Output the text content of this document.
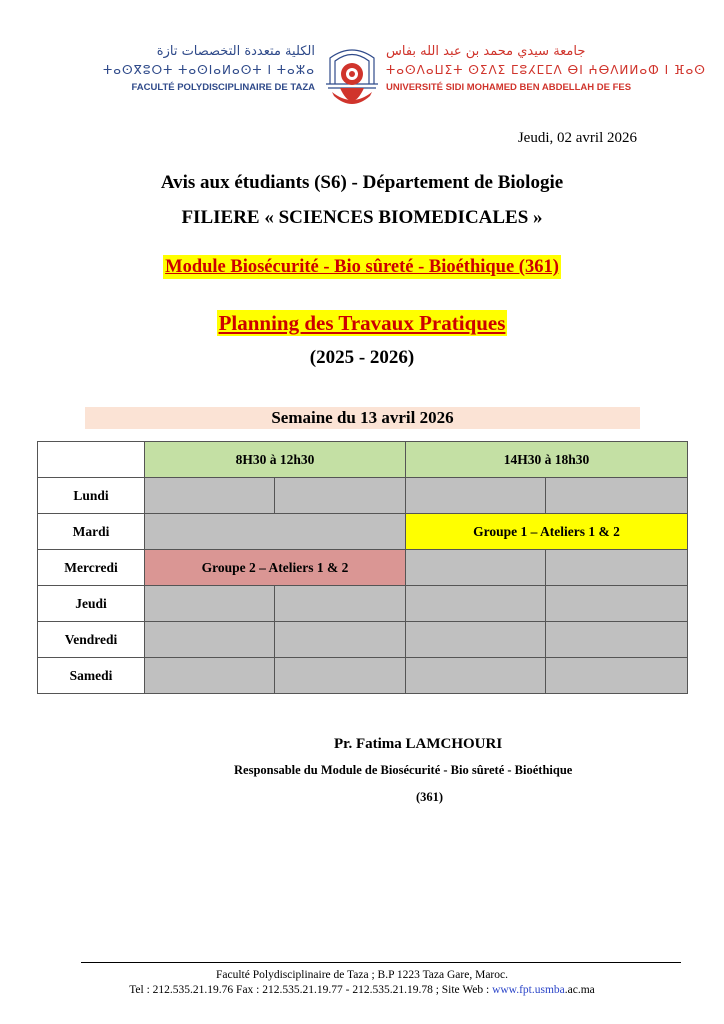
الكلية متعددة التخصصات تازة
ⵜⴰⵙⴳⵓⵔⵜ ⵜⴰⵙⵏⴰⵍⴰⵙⵜ ⵏ ⵜⴰⵣⴰ
FACULTÉ POLYDISCIPLINAIRE DE TAZA
جامعة سيدي محمد بن عبد الله بفاس
ⵜⴰⵙⴷⴰⵡⵉⵜ ⵙⵉⴷⵉ ⵎⵓⵃⵎⵎⴷ ⴱⵏ ⵄⴱⴷⵍⵍⴰⵀ ⵏ ⴼⴰⵙ
UNIVERSITÉ SIDI MOHAMED BEN ABDELLAH DE FES
Jeudi, 02 avril 2026
Avis aux étudiants (S6) - Département de Biologie
FILIERE « SCIENCES BIOMEDICALES »
Module Biosécurité - Bio sûreté - Bioéthique (361)
Planning des Travaux Pratiques
(2025 - 2026)
Semaine du 13 avril 2026
	8H30 à 12h30		14H30 à 18h30	
Lundi				
Mardi			Groupe 1 – Ateliers 1 & 2	
Mercredi	Groupe 2 – Ateliers 1 & 2			
Jeudi				
Vendredi				
Samedi				
Pr. Fatima LAMCHOURI
Responsable du Module de Biosécurité - Bio sûreté - Bioéthique
(361)
Faculté Polydisciplinaire de Taza ; B.P 1223 Taza Gare, Maroc.
Tel : 212.535.21.19.76 Fax : 212.535.21.19.77 - 212.535.21.19.78 ; Site Web : www.fpt.usmba.ac.ma
